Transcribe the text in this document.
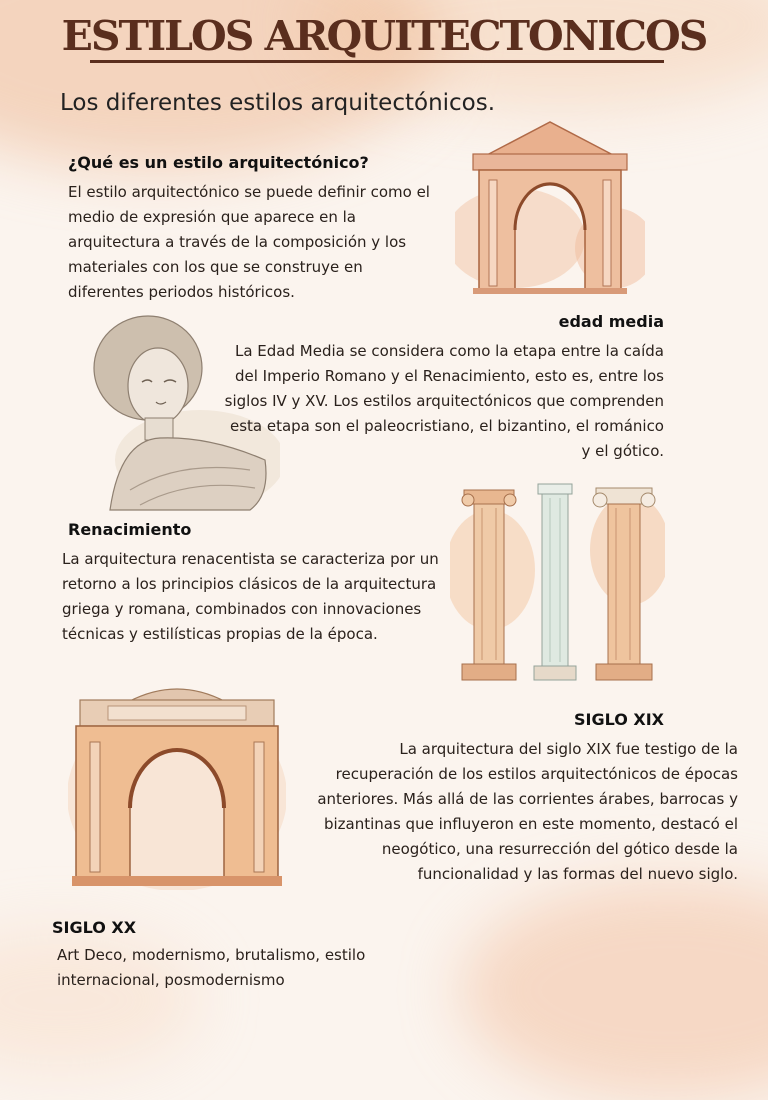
ESTILOS ARQUITECTONICOS
Los diferentes estilos arquitectónicos.
¿Qué es un estilo arquitectónico?

El estilo arquitectónico se puede definir como el medio de expresión que aparece en la arquitectura a través de la composición y los materiales con los que se construye en diferentes periodos históricos.

edad media

La Edad Media se considera como la etapa entre la caída del Imperio Romano y el Renacimiento, esto es, entre los siglos IV y XV. Los estilos arquitectónicos que comprenden esta etapa son el paleocristiano, el bizantino, el románico y el gótico.

Renacimiento

La arquitectura renacentista se caracteriza por un retorno a los principios clásicos de la arquitectura griega y romana, combinados con innovaciones técnicas y estilísticas propias de la época.

SIGLO XIX

La arquitectura del siglo XIX fue testigo de la recuperación de los estilos arquitectónicos de épocas anteriores. Más allá de las corrientes árabes, barrocas y bizantinas que influyeron en este momento, destacó el neogótico, una resurrección del gótico desde la funcionalidad y las formas del nuevo siglo.

SIGLO XX

Art Deco, modernismo, brutalismo, estilo internacional, posmodernismo
